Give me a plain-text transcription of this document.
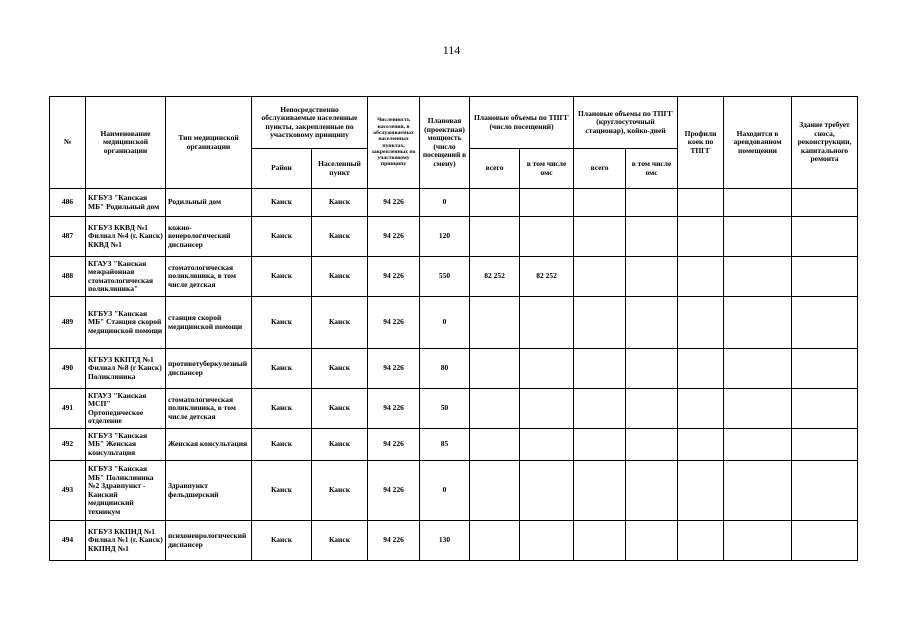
114
№	Наименование медицинской организации	Тип медицинской организации	Непосредственно обслуживаемые населенные пункты, закрепленные по участковому принципу		Численность населения, в обслуживаемых населенных пунктах, закрепленных по участковому принципу	Плановая (проектная) мощность (число посещений в смену)	Плановые объемы по ТПГГ (число посещений)		Плановые объемы по ТПГГ (круглосуточный стационар), койко-дней		Профили коек по ТПГГ	Находится в арендованном помещении	Здание требует сноса, реконструкции, капитального ремонта
			Район	Населенный пункт			всего	в том числе омс	всего	в том числе омс			
486	КГБУЗ "Канская МБ" Родильный дом	Родильный дом	Канск	Канск	94 226	0							
487	КГБУЗ ККВД №1 Филиал №4 (г. Канск) ККВД №1	кожно-венерологический диспансер	Канск	Канск	94 226	120							
488	КГАУЗ "Канская межрайонная стоматологическая поликлиника"	стоматологическая поликлиника, в том числе детская	Канск	Канск	94 226	550	82 252	82 252					
489	КГБУЗ "Канская МБ" Станция скорой медицинской помощи	станция скорой медицинской помощи	Канск	Канск	94 226	0							
490	КГБУЗ ККПТД №1 Филиал №8 (г Канск) Поликлиника	противотуберкулезный диспансер	Канск	Канск	94 226	80							
491	КГАУЗ "Канская МСП" Ортопедическое отделение	стоматологическая поликлиника, в том числе детская	Канск	Канск	94 226	50							
492	КГБУЗ "Канская МБ" Женская консультация	Женская консультация	Канск	Канск	94 226	85							
493	КГБУЗ "Канская МБ" Поликлиника №2 Здравпункт - Канский медицинский техникум	Здравпункт фельдшерский	Канск	Канск	94 226	0							
494	КГБУЗ ККПНД №1 Филиал №1 (г. Канск) ККПНД №1	психоневрологический диспансер	Канск	Канск	94 226	130							
